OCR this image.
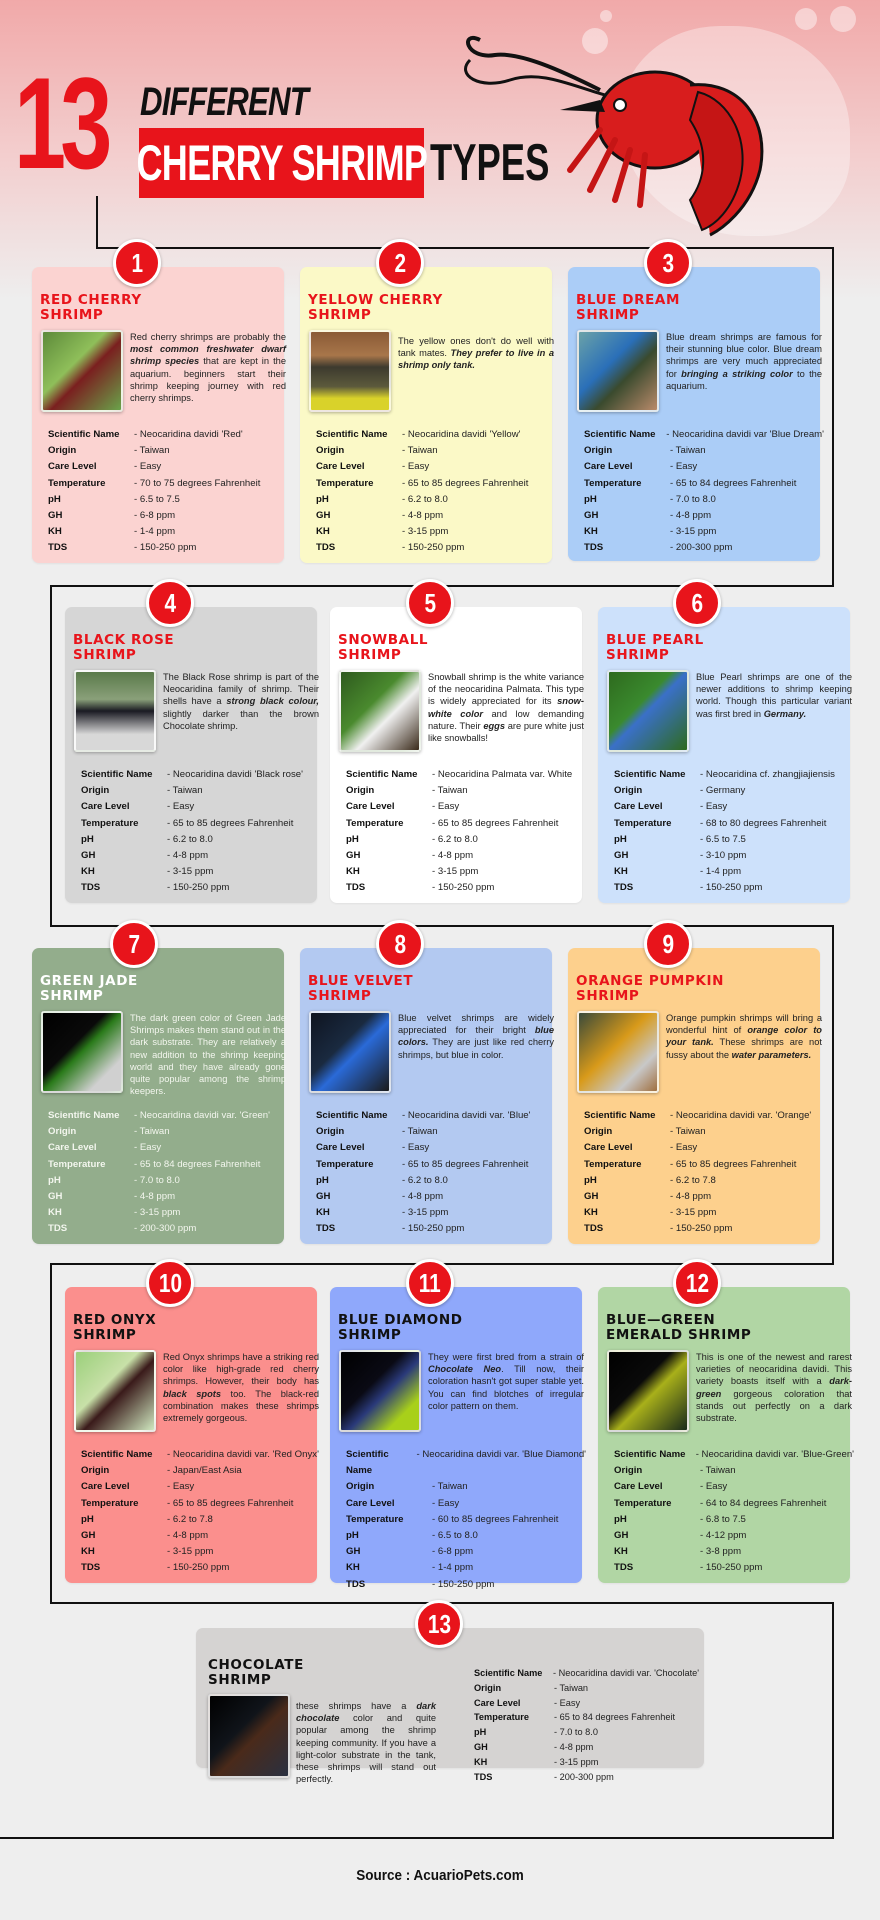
13 DIFFERENT
CHERRY SHRIMP TYPES
RED CHERRY
SHRIMP
Red cherry shrimps are probably the most common freshwater dwarf shrimp species that are kept in the aquarium. beginners start their shrimp keeping journey with red cherry shrimps.
Scientific Name	- Neocaridina davidi 'Red'
Origin	- Taiwan
Care Level	- Easy
Temperature	- 70 to 75 degrees Fahrenheit
pH	- 6.5 to 7.5
GH	- 6-8 ppm
KH	- 1-4 ppm
TDS	- 150-250 ppm
1
YELLOW CHERRY
SHRIMP
The yellow ones don't do well with tank mates. They prefer to live in a shrimp only tank.
Scientific Name	- Neocaridina davidi 'Yellow'
Origin	- Taiwan
Care Level	- Easy
Temperature	- 65 to 85 degrees Fahrenheit
pH	- 6.2 to 8.0
GH	- 4-8 ppm
KH	- 3-15 ppm
TDS	- 150-250 ppm
2
BLUE DREAM
SHRIMP
Blue dream shrimps are famous for their stunning blue color. Blue dream shrimps are very much appreciated for bringing a striking color to the aquarium.
Scientific Name	- Neocaridina davidi var 'Blue Dream'
Origin	- Taiwan
Care Level	- Easy
Temperature	- 65 to 84 degrees Fahrenheit
pH	- 7.0 to 8.0
GH	- 4-8 ppm
KH	- 3-15 ppm
TDS	- 200-300 ppm
3
BLACK ROSE
SHRIMP
The Black Rose shrimp is part of the Neocaridina family of shrimp. Their shells have a strong black colour, slightly darker than the brown Chocolate shrimp.
Scientific Name	- Neocaridina davidi 'Black rose'
Origin	- Taiwan
Care Level	- Easy
Temperature	- 65 to 85 degrees Fahrenheit
pH	- 6.2 to 8.0
GH	- 4-8 ppm
KH	- 3-15 ppm
TDS	- 150-250 ppm
4
SNOWBALL
SHRIMP
Snowball shrimp is the white variance of the neocaridina Palmata. This type is widely appreciated for its snow-white color and low demanding nature. Their eggs are pure white just like snowballs!
Scientific Name	- Neocaridina Palmata var. White
Origin	- Taiwan
Care Level	- Easy
Temperature	- 65 to 85 degrees Fahrenheit
pH	- 6.2 to 8.0
GH	- 4-8 ppm
KH	- 3-15 ppm
TDS	- 150-250 ppm
5
BLUE PEARL
SHRIMP
Blue Pearl shrimps are one of the newer additions to shrimp keeping world. Though this particular variant was first bred in Germany.
Scientific Name	- Neocaridina cf. zhangjiajiensis
Origin	- Germany
Care Level	- Easy
Temperature	- 68 to 80 degrees Fahrenheit
pH	- 6.5 to 7.5
GH	- 3-10 ppm
KH	- 1-4 ppm
TDS	- 150-250 ppm
6
GREEN JADE
SHRIMP
The dark green color of Green Jade Shrimps makes them stand out in the dark substrate. They are relatively a new addition to the shrimp keeping world and they have already gone quite popular among the shrimp keepers.
Scientific Name	- Neocaridina davidi var. 'Green'
Origin	- Taiwan
Care Level	- Easy
Temperature	- 65 to 84 degrees Fahrenheit
pH	- 7.0 to 8.0
GH	- 4-8 ppm
KH	- 3-15 ppm
TDS	- 200-300 ppm
7
BLUE VELVET
SHRIMP
Blue velvet shrimps are widely appreciated for their bright blue colors. They are just like red cherry shrimps, but blue in color.
Scientific Name	- Neocaridina davidi var. 'Blue'
Origin	- Taiwan
Care Level	- Easy
Temperature	- 65 to 85 degrees Fahrenheit
pH	- 6.2 to 8.0
GH	- 4-8 ppm
KH	- 3-15 ppm
TDS	- 150-250 ppm
8
ORANGE PUMPKIN
SHRIMP
Orange pumpkin shrimps will bring a wonderful hint of orange color to your tank. These shrimps are not fussy about the water parameters.
Scientific Name	- Neocaridina davidi var. 'Orange'
Origin	- Taiwan
Care Level	- Easy
Temperature	- 65 to 85 degrees Fahrenheit
pH	- 6.2 to 7.8
GH	- 4-8 ppm
KH	- 3-15 ppm
TDS	- 150-250 ppm
9
RED ONYX
SHRIMP
Red Onyx shrimps have a striking red color like high-grade red cherry shrimps. However, their body has black spots too. The black-red combination makes these shrimps extremely gorgeous.
Scientific Name	- Neocaridina davidi var. 'Red Onyx'
Origin	- Japan/East Asia
Care Level	- Easy
Temperature	- 65 to 85 degrees Fahrenheit
pH	- 6.2 to 7.8
GH	- 4-8 ppm
KH	- 3-15 ppm
TDS	- 150-250 ppm
10
BLUE DIAMOND
SHRIMP
They were first bred from a strain of Chocolate Neo. Till now, their coloration hasn't got super stable yet. You can find blotches of irregular color pattern on them.
Scientific Name
- Neocaridina davidi var. 'Blue Diamond'
Origin	- Taiwan
Care Level	- Easy
Temperature	- 60 to 85 degrees Fahrenheit
pH	- 6.5 to 8.0
GH	- 6-8 ppm
KH	- 1-4 ppm
TDS	- 150-250 ppm
11
BLUE—GREEN
EMERALD SHRIMP
This is one of the newest and rarest varieties of neocaridina davidi. This variety boasts itself with a dark-green gorgeous coloration that stands out perfectly on a dark substrate.
Scientific Name	- Neocaridina davidi var. 'Blue-Green'
Origin	- Taiwan
Care Level	- Easy
Temperature	- 64 to 84 degrees Fahrenheit
pH	- 6.8 to 7.5
GH	- 4-12 ppm
KH	- 3-8 ppm
TDS	- 150-250 ppm
12
CHOCOLATE
SHRIMP
these shrimps have a dark chocolate color and quite popular among the shrimp keeping community. If you have a light-color substrate in the tank, these shrimps will stand out perfectly.
Scientific Name	- Neocaridina davidi var. 'Chocolate'
Origin	- Taiwan
Care Level	- Easy
Temperature	- 65 to 84 degrees Fahrenheit
pH	- 7.0 to 8.0
GH	- 4-8 ppm
KH	- 3-15 ppm
TDS	- 200-300 ppm
13
Source : AcuarioPets.com
